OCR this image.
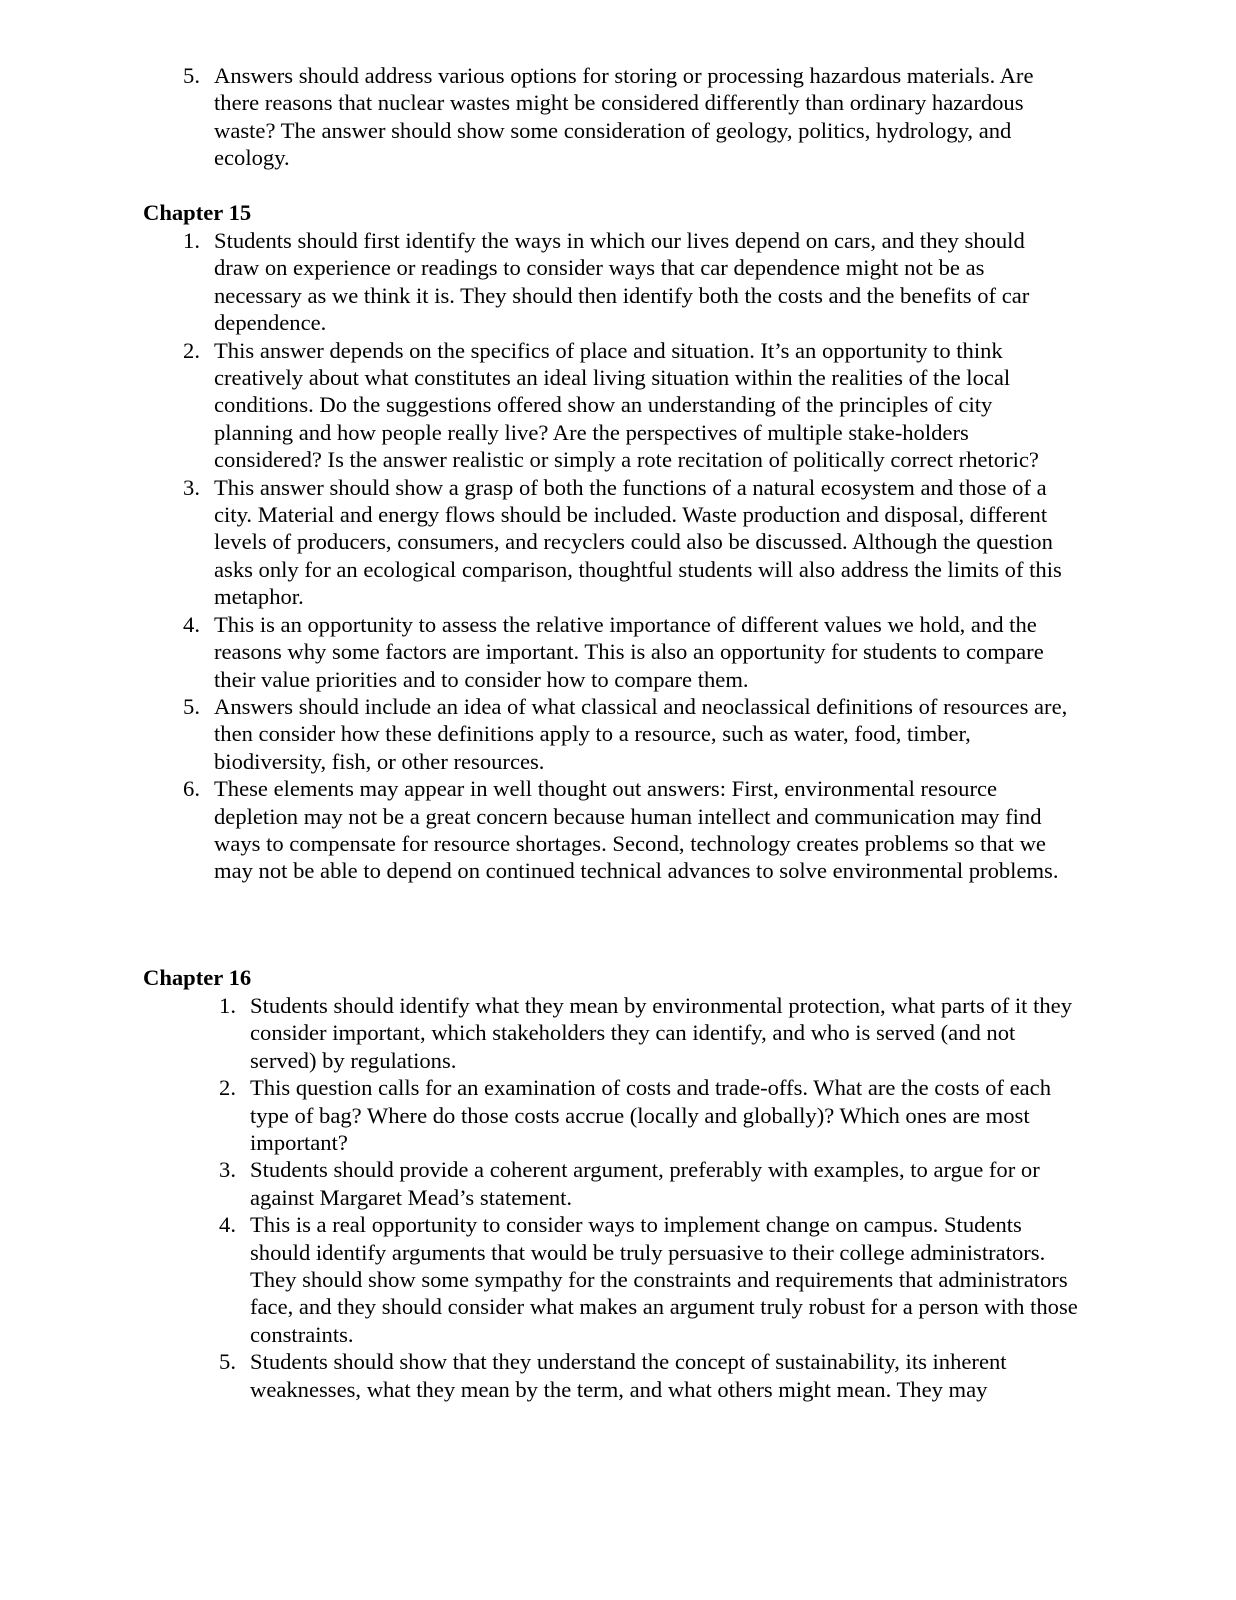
5. Answers should address various options for storing or processing hazardous materials. Are there reasons that nuclear wastes might be considered differently than ordinary hazardous waste? The answer should show some consideration of geology, politics, hydrology, and ecology.
Chapter 15
1. Students should first identify the ways in which our lives depend on cars, and they should draw on experience or readings to consider ways that car dependence might not be as necessary as we think it is. They should then identify both the costs and the benefits of car dependence.
2. This answer depends on the specifics of place and situation. It’s an opportunity to think creatively about what constitutes an ideal living situation within the realities of the local conditions. Do the suggestions offered show an understanding of the principles of city planning and how people really live? Are the perspectives of multiple stake-holders considered? Is the answer realistic or simply a rote recitation of politically correct rhetoric?
3. This answer should show a grasp of both the functions of a natural ecosystem and those of a city. Material and energy flows should be included. Waste production and disposal, different levels of producers, consumers, and recyclers could also be discussed. Although the question asks only for an ecological comparison, thoughtful students will also address the limits of this metaphor.
4. This is an opportunity to assess the relative importance of different values we hold, and the reasons why some factors are important. This is also an opportunity for students to compare their value priorities and to consider how to compare them.
5. Answers should include an idea of what classical and neoclassical definitions of resources are, then consider how these definitions apply to a resource, such as water, food, timber, biodiversity, fish, or other resources.
6. These elements may appear in well thought out answers: First, environmental resource depletion may not be a great concern because human intellect and communication may find ways to compensate for resource shortages. Second, technology creates problems so that we may not be able to depend on continued technical advances to solve environmental problems.
Chapter 16
1. Students should identify what they mean by environmental protection, what parts of it they consider important, which stakeholders they can identify, and who is served (and not served) by regulations.
2. This question calls for an examination of costs and trade-offs. What are the costs of each type of bag? Where do those costs accrue (locally and globally)? Which ones are most important?
3. Students should provide a coherent argument, preferably with examples, to argue for or against Margaret Mead’s statement.
4. This is a real opportunity to consider ways to implement change on campus. Students should identify arguments that would be truly persuasive to their college administrators. They should show some sympathy for the constraints and requirements that administrators face, and they should consider what makes an argument truly robust for a person with those constraints.
5. Students should show that they understand the concept of sustainability, its inherent weaknesses, what they mean by the term, and what others might mean. They may
